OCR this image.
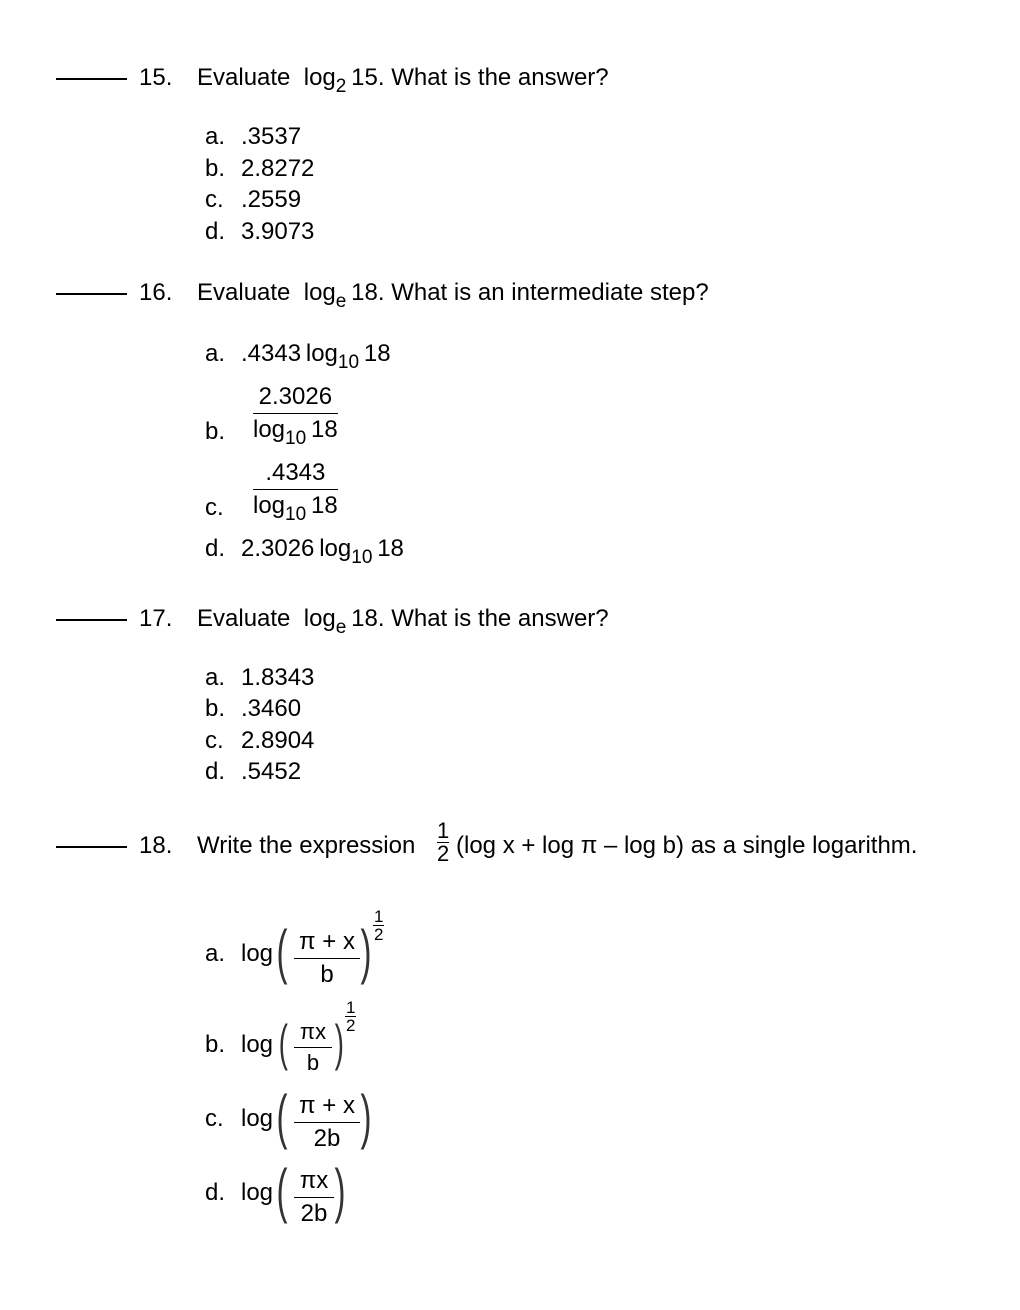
15. Evaluate  $\log_2 15$. What is the answer?
a. .3537
b. 2.8272
c. .2559
d. 3.9073
16. Evaluate  $\log_e 18$. What is an intermediate step?
a. .4343  $\log_{10} 18$
b. $\frac{2.3026}{\log_{10} 18}$
c. $\frac{.4343}{\log_{10} 18}$
d. 2.3026  $\log_{10} 18$
17. Evaluate  $\log_e 18$. What is the answer?
a. 1.8343
b. .3460
c. 2.8904
d. .5452
18. Write the expression
1
2 (log x + log π – log b) as a single logarithm.
a. log ( $\frac{\pi + x}{b}$ )
1
2
b. log ( $\frac{\pi x}{b}$ )
1
2
c. log ( $\frac{\pi + x}{2b}$ )
d. log ( $\frac{\pi x}{2b}$ )
